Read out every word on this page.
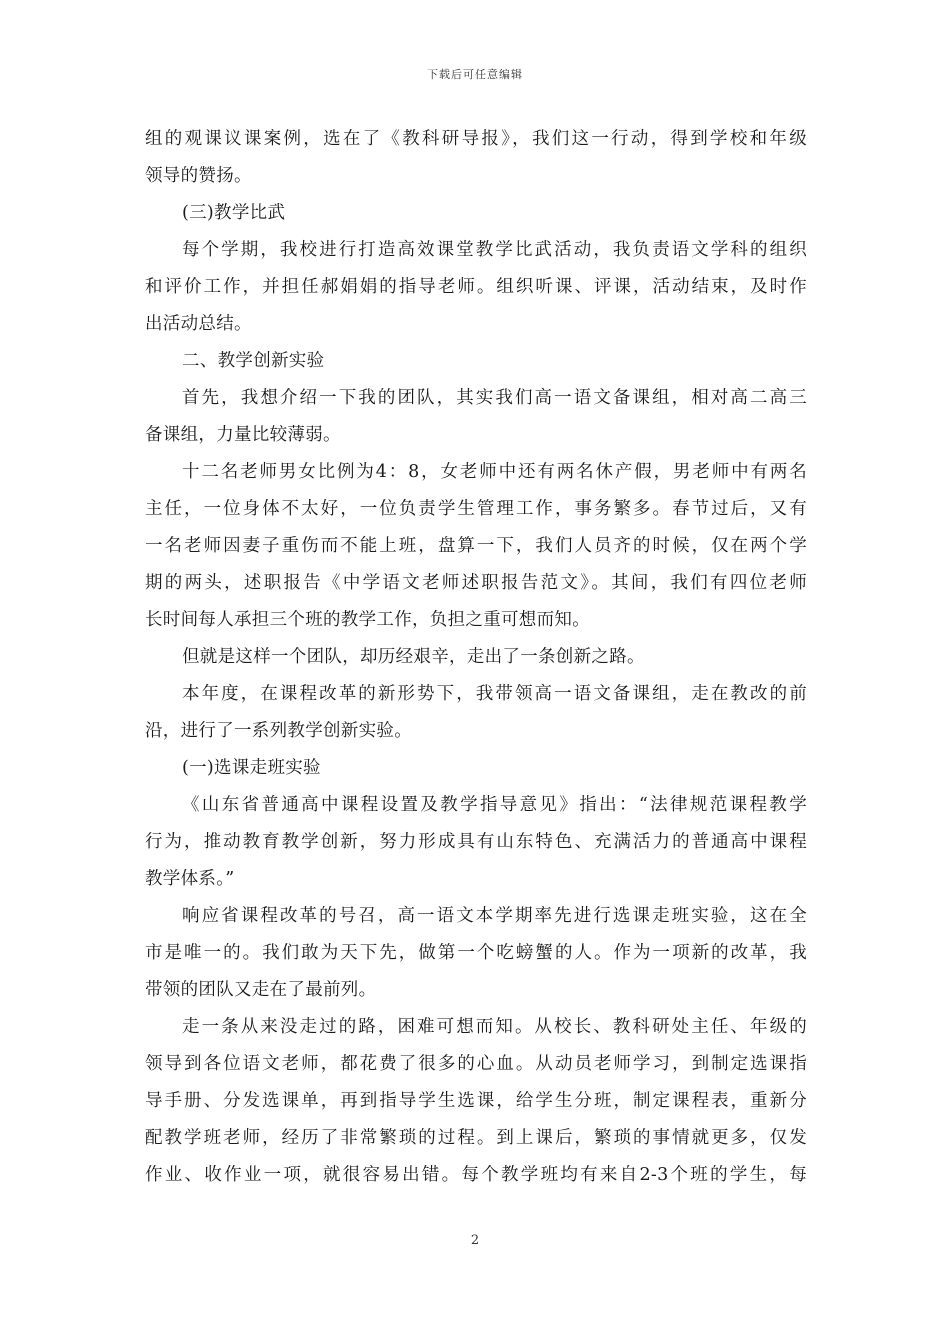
下载后可任意编辑
组的观课议课案例，选在了《教科研导报》，我们这一行动，得到学校和年级
领导的赞扬。
(三)教学比武
每个学期，我校进行打造高效课堂教学比武活动，我负责语文学科的组织
和评价工作，并担任郝娟娟的指导老师。组织听课、评课，活动结束，及时作
出活动总结。
二、教学创新实验
首先，我想介绍一下我的团队，其实我们高一语文备课组，相对高二高三
备课组，力量比较薄弱。
十二名老师男女比例为4：8，女老师中还有两名休产假，男老师中有两名
主任，一位身体不太好，一位负责学生管理工作，事务繁多。春节过后，又有
一名老师因妻子重伤而不能上班，盘算一下，我们人员齐的时候，仅在两个学
期的两头，述职报告《中学语文老师述职报告范文》。其间，我们有四位老师
长时间每人承担三个班的教学工作，负担之重可想而知。
但就是这样一个团队，却历经艰辛，走出了一条创新之路。
本年度，在课程改革的新形势下，我带领高一语文备课组，走在教改的前
沿，进行了一系列教学创新实验。
(一)选课走班实验
《山东省普通高中课程设置及教学指导意见》指出：“法律规范课程教学
行为，推动教育教学创新，努力形成具有山东特色、充满活力的普通高中课程
教学体系。”
响应省课程改革的号召，高一语文本学期率先进行选课走班实验，这在全
市是唯一的。我们敢为天下先，做第一个吃螃蟹的人。作为一项新的改革，我
带领的团队又走在了最前列。
走一条从来没走过的路，困难可想而知。从校长、教科研处主任、年级的
领导到各位语文老师，都花费了很多的心血。从动员老师学习，到制定选课指
导手册、分发选课单，再到指导学生选课，给学生分班，制定课程表，重新分
配教学班老师，经历了非常繁琐的过程。到上课后，繁琐的事情就更多，仅发
作业、收作业一项，就很容易出错。每个教学班均有来自2-3个班的学生，每
2
